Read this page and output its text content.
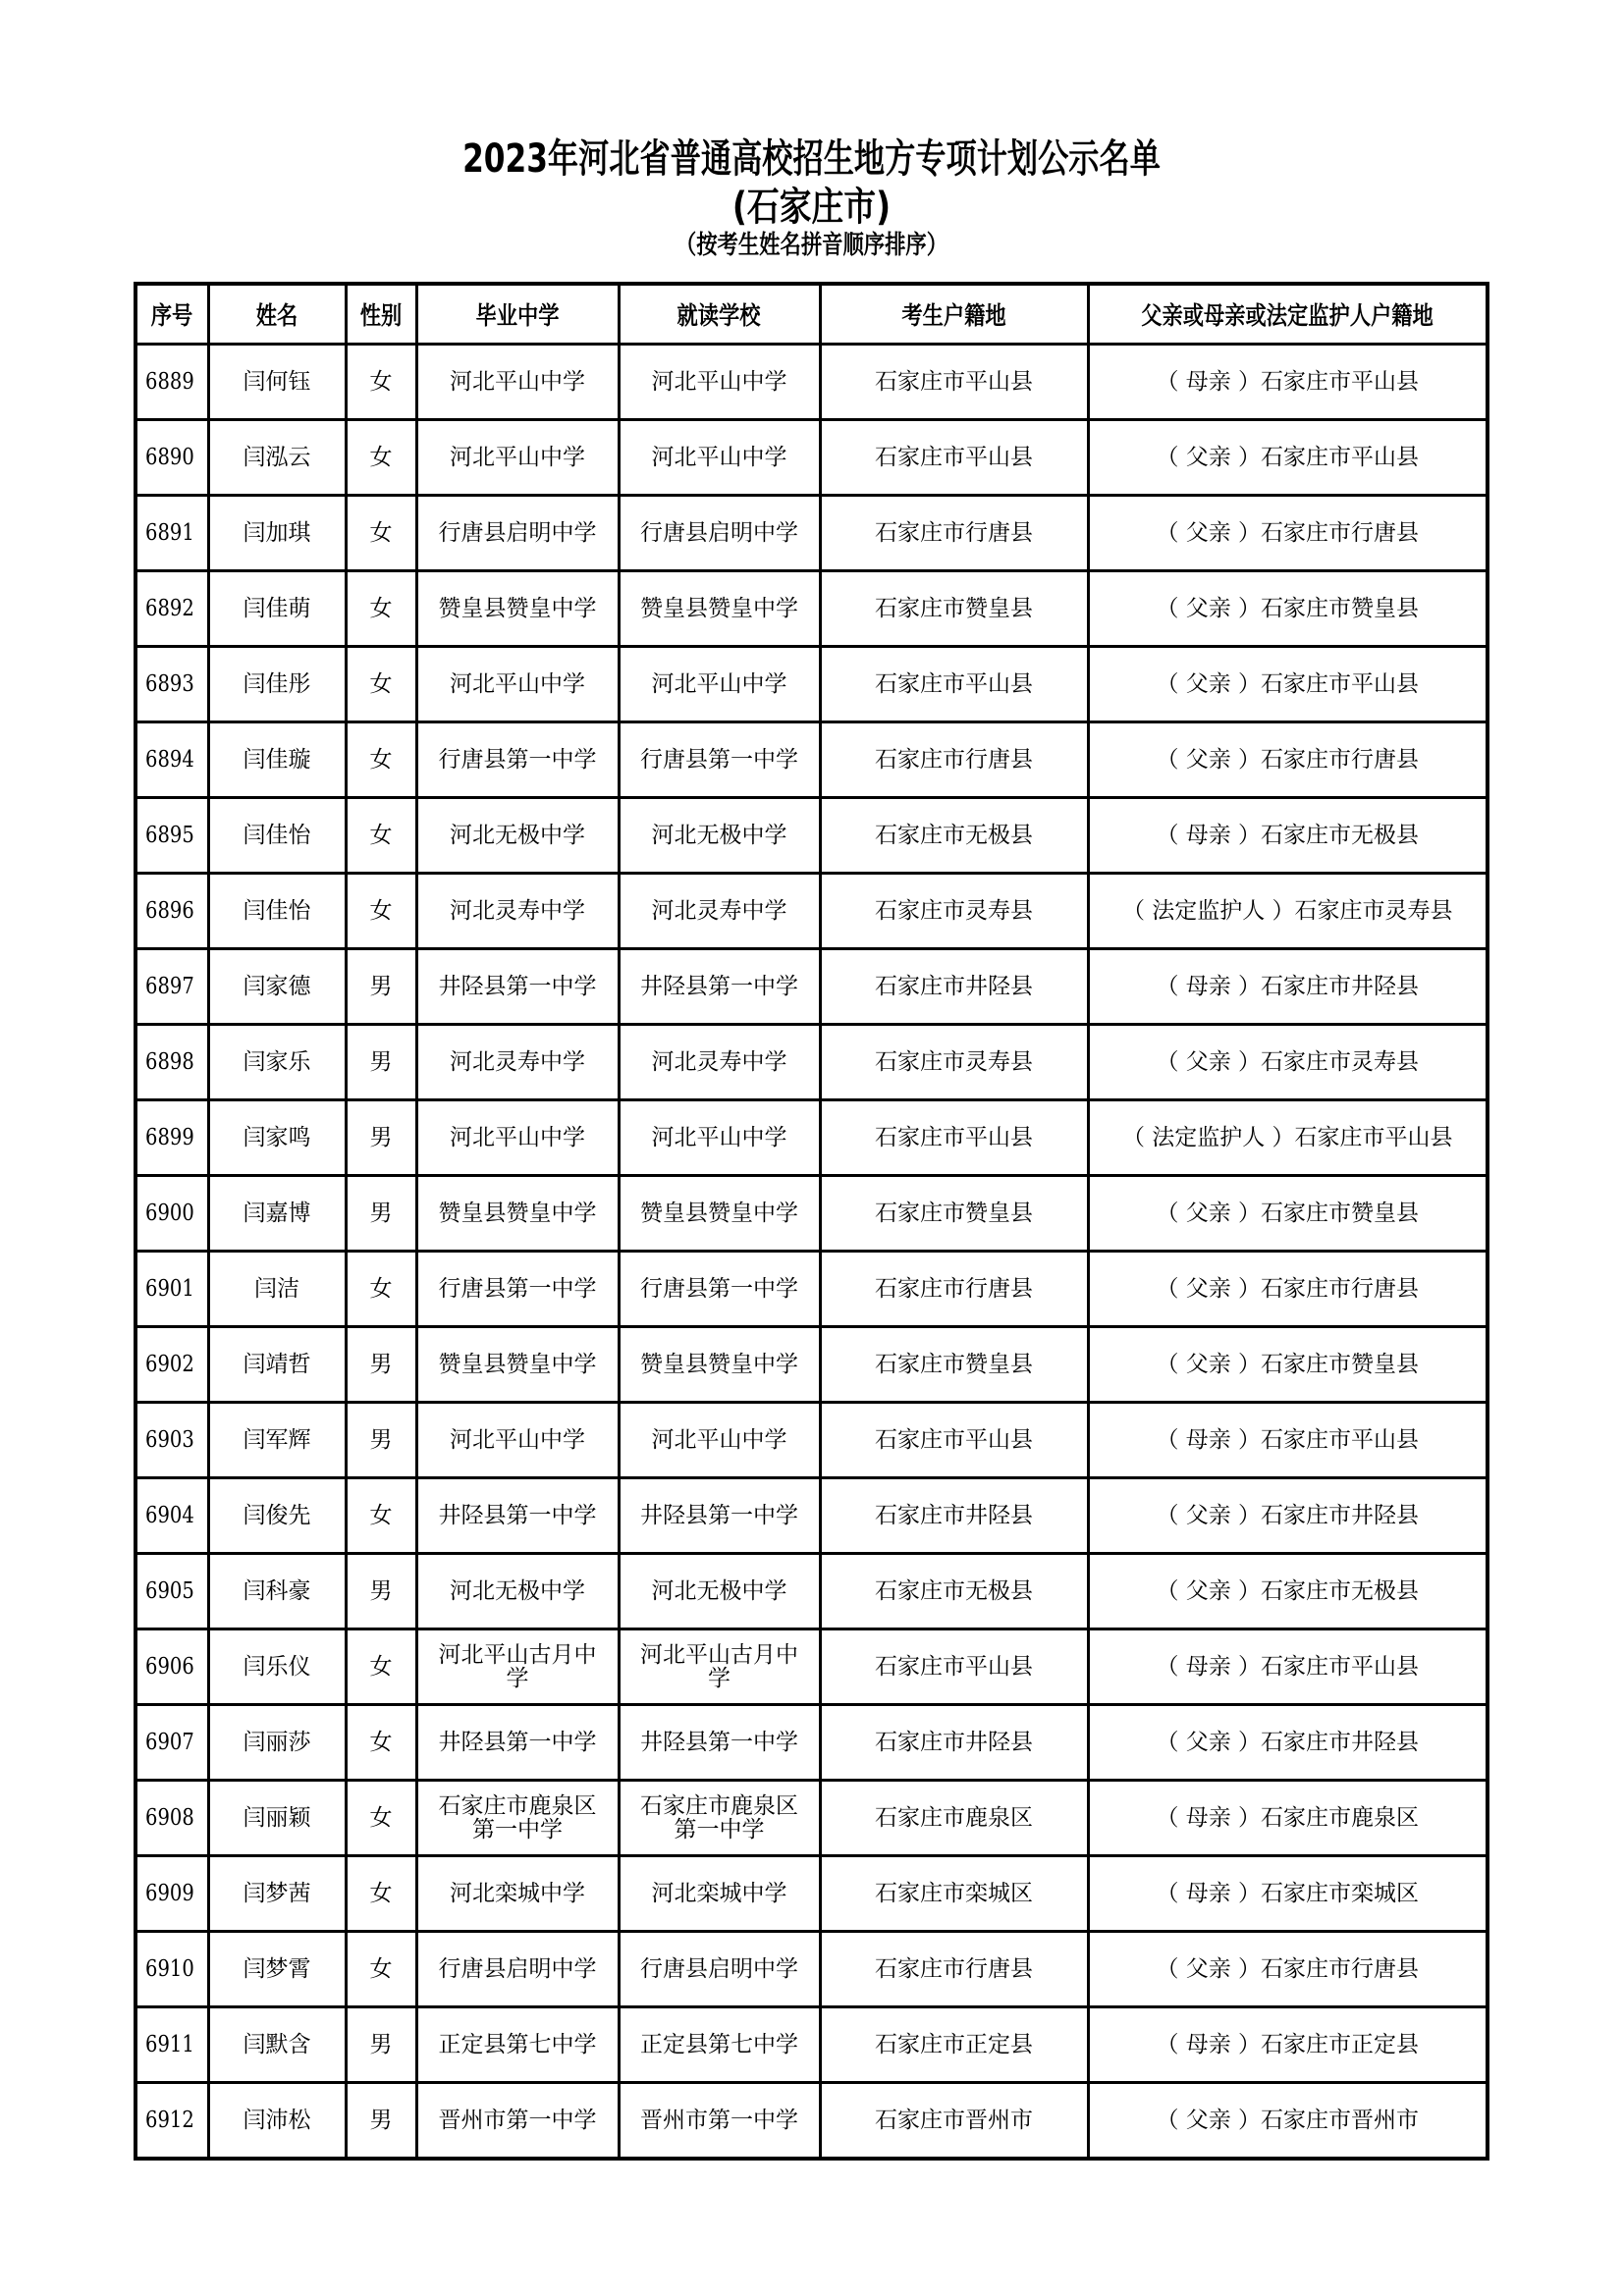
2023年河北省普通高校招生地方专项计划公示名单
(石家庄市)
（按考生姓名拼音顺序排序）
序号	姓名	性别	毕业中学	就读学校	考生户籍地	父亲或母亲或法定监护人户籍地
6889	闫何钰	女	河北平山中学	河北平山中学	石家庄市平山县	（ 母亲 ）石家庄市平山县
6890	闫泓云	女	河北平山中学	河北平山中学	石家庄市平山县	（ 父亲 ）石家庄市平山县
6891	闫加琪	女	行唐县启明中学	行唐县启明中学	石家庄市行唐县	（ 父亲 ）石家庄市行唐县
6892	闫佳萌	女	赞皇县赞皇中学	赞皇县赞皇中学	石家庄市赞皇县	（ 父亲 ）石家庄市赞皇县
6893	闫佳彤	女	河北平山中学	河北平山中学	石家庄市平山县	（ 父亲 ）石家庄市平山县
6894	闫佳璇	女	行唐县第一中学	行唐县第一中学	石家庄市行唐县	（ 父亲 ）石家庄市行唐县
6895	闫佳怡	女	河北无极中学	河北无极中学	石家庄市无极县	（ 母亲 ）石家庄市无极县
6896	闫佳怡	女	河北灵寿中学	河北灵寿中学	石家庄市灵寿县	（ 法定监护人 ）石家庄市灵寿县
6897	闫家德	男	井陉县第一中学	井陉县第一中学	石家庄市井陉县	（ 母亲 ）石家庄市井陉县
6898	闫家乐	男	河北灵寿中学	河北灵寿中学	石家庄市灵寿县	（ 父亲 ）石家庄市灵寿县
6899	闫家鸣	男	河北平山中学	河北平山中学	石家庄市平山县	（ 法定监护人 ）石家庄市平山县
6900	闫嘉博	男	赞皇县赞皇中学	赞皇县赞皇中学	石家庄市赞皇县	（ 父亲 ）石家庄市赞皇县
6901	闫洁	女	行唐县第一中学	行唐县第一中学	石家庄市行唐县	（ 父亲 ）石家庄市行唐县
6902	闫靖哲	男	赞皇县赞皇中学	赞皇县赞皇中学	石家庄市赞皇县	（ 父亲 ）石家庄市赞皇县
6903	闫军辉	男	河北平山中学	河北平山中学	石家庄市平山县	（ 母亲 ）石家庄市平山县
6904	闫俊先	女	井陉县第一中学	井陉县第一中学	石家庄市井陉县	（ 父亲 ）石家庄市井陉县
6905	闫科豪	男	河北无极中学	河北无极中学	石家庄市无极县	（ 父亲 ）石家庄市无极县
6906	闫乐仪	女	河北平山古月中学	河北平山古月中学	石家庄市平山县	（ 母亲 ）石家庄市平山县
6907	闫丽莎	女	井陉县第一中学	井陉县第一中学	石家庄市井陉县	（ 父亲 ）石家庄市井陉县
6908	闫丽颖	女	石家庄市鹿泉区第一中学	石家庄市鹿泉区第一中学	石家庄市鹿泉区	（ 母亲 ）石家庄市鹿泉区
6909	闫梦茜	女	河北栾城中学	河北栾城中学	石家庄市栾城区	（ 母亲 ）石家庄市栾城区
6910	闫梦霄	女	行唐县启明中学	行唐县启明中学	石家庄市行唐县	（ 父亲 ）石家庄市行唐县
6911	闫默含	男	正定县第七中学	正定县第七中学	石家庄市正定县	（ 母亲 ）石家庄市正定县
6912	闫沛松	男	晋州市第一中学	晋州市第一中学	石家庄市晋州市	（ 父亲 ）石家庄市晋州市
